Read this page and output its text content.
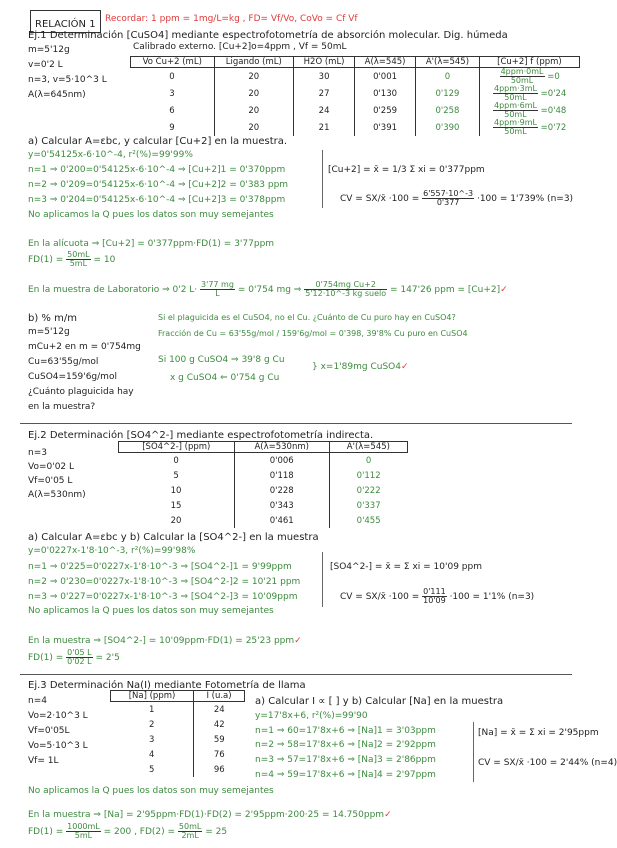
RELACIÓN 1	Recordar: 1 ppm = 1mg/L=kg , FD= Vf/Vo, CoVo = Cf Vf
Ej.1 Determinación [CuSO4] mediante espectrofotometría de absorción molecular. Dig. húmeda
Calibrado externo. [Cu+2]o=4ppm , Vf = 50mL
m=5'12g
v=0'2 L
n=3, v=5·10^3 L
A(λ=645nm)
Vo Cu+2 (mL)	Ligando (mL)	H2O (mL)	A(λ=545)	A'(λ=545)	[Cu+2] f (ppm)
0	20	30	0'001	0	$\frac{\text{4ppm·0mL}}{50mL} =0$
3	20	27	0'130	0'129	$\frac{\text{4ppm·3mL}}{50mL} =0'24$
6	20	24	0'259	0'258	$\frac{\text{4ppm·6mL}}{50mL} =0'48$
9	20	21	0'391	0'390	$\frac{\text{4ppm·9mL}}{50mL} =0'72$
a) Calcular A=εbc, y calcular [Cu+2] en la muestra.
y=0'54125x-6·10^-4, r²(%)=99'99%
n=1 ⇒ 0'200=0'54125x-6·10^-4 ⇒ [Cu+2]1 = 0'370ppm
n=2 ⇒ 0'209=0'54125x-6·10^-4 ⇒ [Cu+2]2 = 0'383 ppm
n=3 ⇒ 0'204=0'54125x-6·10^-4 ⇒ [Cu+2]3 = 0'378ppm
No aplicamos la Q pues los datos son muy semejantes
[Cu+2] = x̄ = 1/3 Σ xi = 0'377ppm
CV = SX/x̄ $\cdot 100 = \frac{6'557\cdot 10\^{}-3}{0'377} \cdot 100 = 1'739\%$ (n=3)
En la alícuota ⇒ [Cu+2] = 0'377ppm·FD(1) = 3'77ppm
$FD(1) = \frac{50mL}{5mL} = 10$
En la muestra de Laboratorio ⇒ 0'2 $L\cdot \frac{3'77 mg}{L} = 0'754$ mg ⇒ $\frac{\text{0'754mg Cu+2}}{\text{5'12·10\textasciicircum{}-3 kg suelo}} = 147'26$ ppm = [Cu+2]✓
b) % m/m
m=5'12g
mCu+2 en m = 0'754mg
Cu=63'55g/mol
CuSO4=159'6g/mol
¿Cuánto plaguicida hay
en la muestra?
Si el plaguicida es el CuSO4, no el Cu. ¿Cuánto de Cu puro hay en CuSO4?
Fracción de Cu = 63'55g/mol / 159'6g/mol = 0'398, 39'8% Cu puro en CuSO4
Si 100 g CuSO4 ⇒ 39'8 g Cu
x g CuSO4 ⇐ 0'754 g Cu
} x=1'89mg CuSO4✓
Ej.2 Determinación [SO4^2-] mediante espectrofotometría indirecta.
n=3
Vo=0'02 L
Vf=0'05 L
A(λ=530nm)
[SO4^2-] (ppm)	A(λ=530nm)	A'(λ=545)
0	0'006	0
5	0'118	0'112
10	0'228	0'222
15	0'343	0'337
20	0'461	0'455
a) Calcular A=εbc y b) Calcular la [SO4^2-] en la muestra
y=0'0227x-1'8·10^-3, r²(%)=99'98%
n=1 ⇒ 0'225=0'0227x-1'8·10^-3 ⇒ [SO4^2-]1 = 9'99ppm
n=2 ⇒ 0'230=0'0227x-1'8·10^-3 ⇒ [SO4^2-]2 = 10'21 ppm
n=3 ⇒ 0'227=0'0227x-1'8·10^-3 ⇒ [SO4^2-]3 = 10'09ppm
No aplicamos la Q pues los datos son muy semejantes
[SO4^2-] = x̄ = Σ xi = 10'09 ppm
CV = SX/x̄ $\cdot 100 = \frac{0'111}{10'09} \cdot 100 = 1'1\%$ (n=3)
En la muestra ⇒ [SO4^2-] = 10'09ppm·FD(1) = 25'23 ppm✓
$FD(1) = \frac{0'05 L}{0'02 L} = 2'5$
Ej.3 Determinación Na(I) mediante Fotometría de llama
n=4
Vo=2·10^3 L
Vf=0'05L
Vo=5·10^3 L
Vf= 1L
[Na] (ppm)	I (u.a)
1	24
2	42
3	59
4	76
5	96
a) Calcular I ∝ [ ] y b) Calcular [Na] en la muestra
y=17'8x+6, r²(%)=99'90
n=1 ⇒ 60=17'8x+6 ⇒ [Na]1 = 3'03ppm
n=2 ⇒ 58=17'8x+6 ⇒ [Na]2 = 2'92ppm
n=3 ⇒ 57=17'8x+6 ⇒ [Na]3 = 2'86ppm
n=4 ⇒ 59=17'8x+6 ⇒ [Na]4 = 2'97ppm
[Na] = x̄ = Σ xi = 2'95ppm
CV = SX/x̄ ·100 = 2'44% (n=4)
No aplicamos la Q pues los datos son muy semejantes
En la muestra ⇒ [Na] = 2'95ppm·FD(1)·FD(2) = 2'95ppm·200·25 = 14.750ppm✓
$FD(1) = \frac{1000mL}{5mL} = 200$ , $FD(2) = \frac{50mL}{2mL} = 25$
